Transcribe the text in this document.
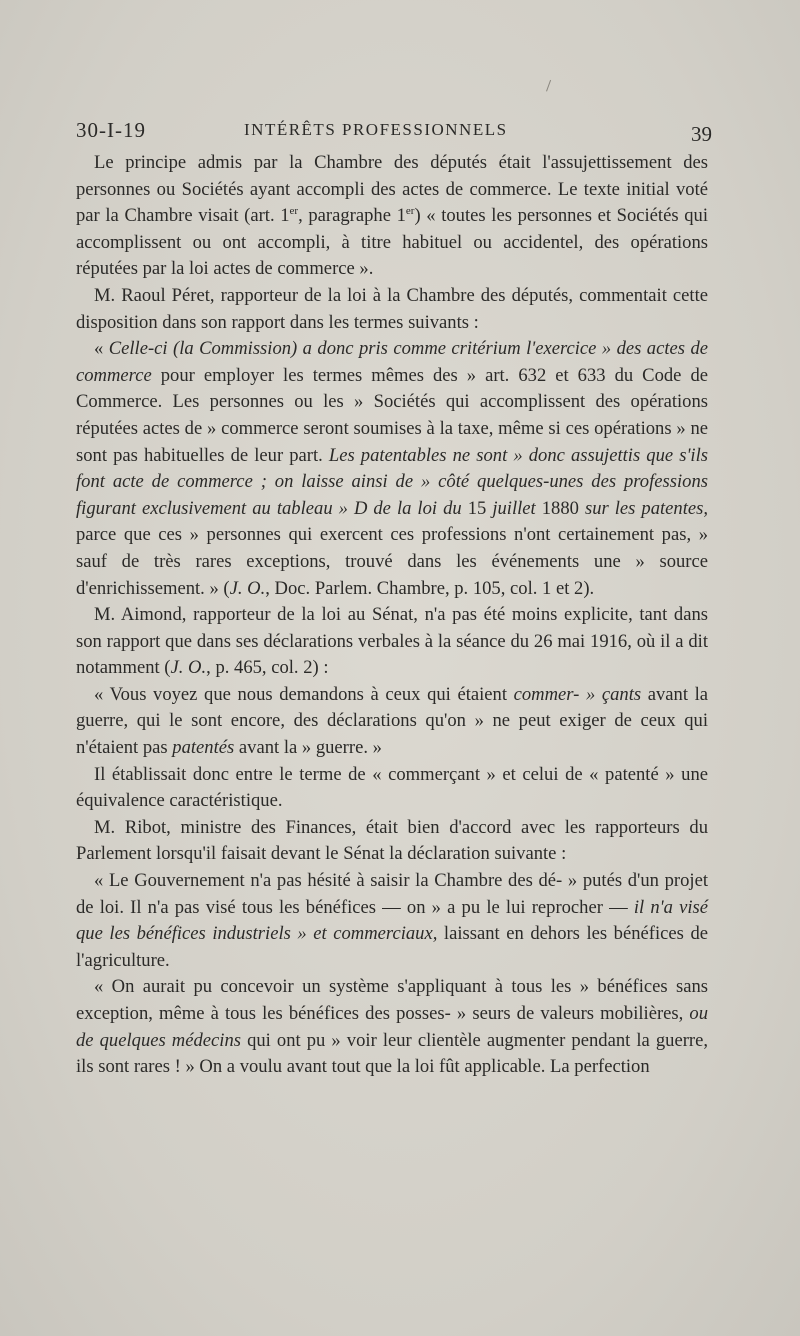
30-I-19	INTÉRÊTS PROFESSIONNELS	39

Le principe admis par la Chambre des députés était l'assujettissement des personnes ou Sociétés ayant accompli des actes de commerce. Le texte initial voté par la Chambre visait (art. 1er, paragraphe 1er) « toutes les personnes et Sociétés qui accomplissent ou ont accompli, à titre habituel ou accidentel, des opérations réputées par la loi actes de commerce ».

M. Raoul Péret, rapporteur de la loi à la Chambre des députés, commentait cette disposition dans son rapport dans les termes suivants :

« Celle-ci (la Commission) a donc pris comme critérium l'exercice » des actes de commerce pour employer les termes mêmes des » art. 632 et 633 du Code de Commerce. Les personnes ou les » Sociétés qui accomplissent des opérations réputées actes de » commerce seront soumises à la taxe, même si ces opérations » ne sont pas habituelles de leur part. Les patentables ne sont » donc assujettis que s'ils font acte de commerce ; on laisse ainsi de » côté quelques-unes des professions figurant exclusivement au tableau » D de la loi du 15 juillet 1880 sur les patentes, parce que ces » personnes qui exercent ces professions n'ont certainement pas, » sauf de très rares exceptions, trouvé dans les événements une » source d'enrichissement. » (J. O., Doc. Parlem. Chambre, p. 105, col. 1 et 2).

M. Aimond, rapporteur de la loi au Sénat, n'a pas été moins explicite, tant dans son rapport que dans ses déclarations verbales à la séance du 26 mai 1916, où il a dit notamment (J. O., p. 465, col. 2) :

« Vous voyez que nous demandons à ceux qui étaient commer- » çants avant la guerre, qui le sont encore, des déclarations qu'on » ne peut exiger de ceux qui n'étaient pas patentés avant la » guerre. »

Il établissait donc entre le terme de « commerçant » et celui de « patenté » une équivalence caractéristique.

M. Ribot, ministre des Finances, était bien d'accord avec les rapporteurs du Parlement lorsqu'il faisait devant le Sénat la déclaration suivante :

« Le Gouvernement n'a pas hésité à saisir la Chambre des dé- » putés d'un projet de loi. Il n'a pas visé tous les bénéfices — on » a pu le lui reprocher — il n'a visé que les bénéfices industriels » et commerciaux, laissant en dehors les bénéfices de l'agriculture.

« On aurait pu concevoir un système s'appliquant à tous les » bénéfices sans exception, même à tous les bénéfices des posses- » seurs de valeurs mobilières, ou de quelques médecins qui ont pu » voir leur clientèle augmenter pendant la guerre, ils sont rares ! » On a voulu avant tout que la loi fût applicable. La perfection
